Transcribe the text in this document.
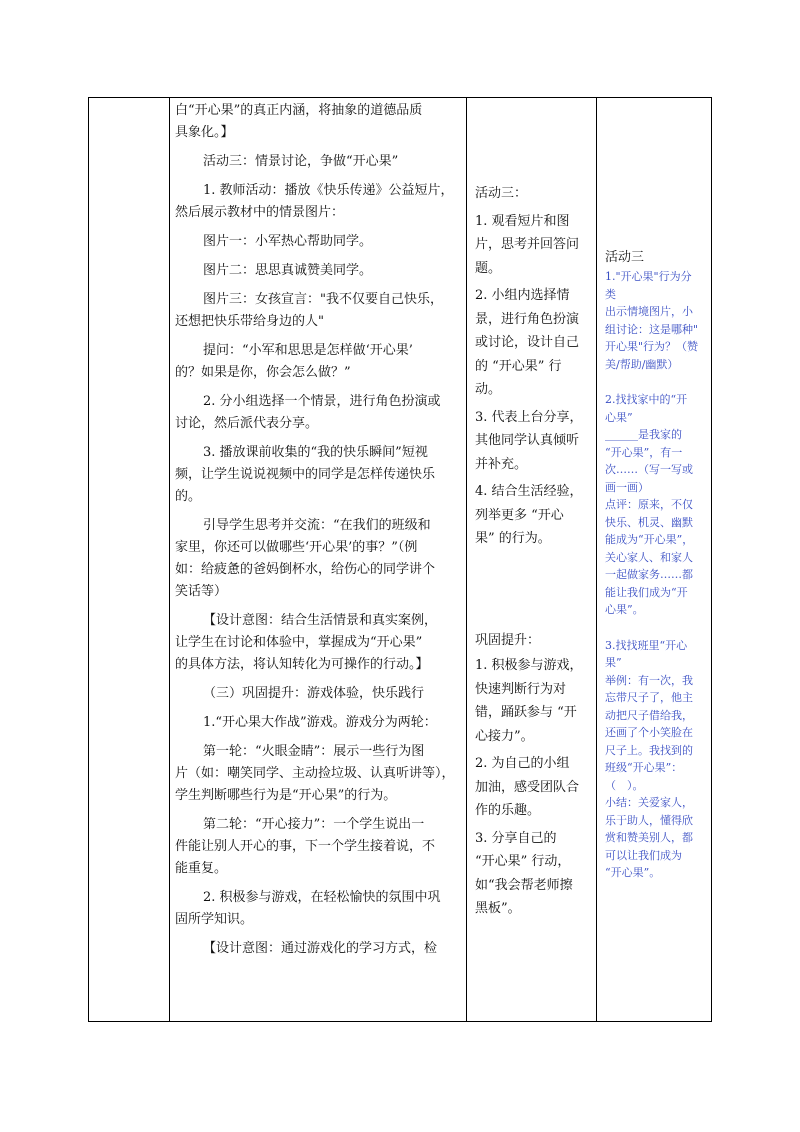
白“开心果”的真正内涵，将抽象的道德品质

具象化。】

活动三：情景讨论，争做“开心果”

1. 教师活动：播放《快乐传递》公益短片，

然后展示教材中的情景图片：

图片一：小军热心帮助同学。

图片二：思思真诚赞美同学。

图片三：女孩宣言："我不仅要自己快乐，

还想把快乐带给身边的人"

提问：“小军和思思是怎样做‘开心果’

的？如果是你，你会怎么做？”

2. 分小组选择一个情景，进行角色扮演或

讨论，然后派代表分享。

3. 播放课前收集的“我的快乐瞬间”短视

频，让学生说说视频中的同学是怎样传递快乐

的。

引导学生思考并交流：“在我们的班级和

家里，你还可以做哪些‘开心果’的事？”（例

如：给疲惫的爸妈倒杯水，给伤心的同学讲个

笑话等）

【设计意图：结合生活情景和真实案例，

让学生在讨论和体验中，掌握成为“开心果”

的具体方法，将认知转化为可操作的行动。】

（三）巩固提升：游戏体验，快乐践行

1.“开心果大作战”游戏。游戏分为两轮：

第一轮：“火眼金睛”：展示一些行为图

片（如：嘲笑同学、主动捡垃圾、认真听讲等），

学生判断哪些行为是“开心果”的行为。

第二轮：“开心接力”：一个学生说出一

件能让别人开心的事，下一个学生接着说，不

能重复。

2. 积极参与游戏，在轻松愉快的氛围中巩

固所学知识。

【设计意图：通过游戏化的学习方式，检

活动三：

1. 观看短片和图

片，思考并回答问

题。

2. 小组内选择情

景，进行角色扮演

或讨论，设计自己

的 “开心果” 行

动。

3. 代表上台分享，

其他同学认真倾听

并补充。

4. 结合生活经验，

列举更多 “开心

果” 的行为。

巩固提升：

1. 积极参与游戏，

快速判断行为对

错，踊跃参与 “开

心接力”。

2. 为自己的小组

加油，感受团队合

作的乐趣。

3. 分享自己的

“开心果” 行动，

如“我会帮老师擦

黑板”。

活动三

1."开心果"行为分

类

出示情境图片，小

组讨论：这是哪种"

开心果"行为？（赞

美/帮助/幽默）

2.找找家中的“开

心果”

______是我家的

“开心果”，有一

次……（写一写或

画一画）

点评：原来，不仅

快乐、机灵、幽默

能成为“开心果”，

关心家人、和家人

一起做家务……都

能让我们成为“开

心果”。

3.找找班里“开心

果”

举例：有一次，我

忘带尺子了，他主

动把尺子借给我，

还画了个小笑脸在

尺子上。我找到的

班级“开心果”：

（　）。

小结：关爱家人，

乐于助人，懂得欣

赏和赞美别人，都

可以让我们成为

“开心果”。
